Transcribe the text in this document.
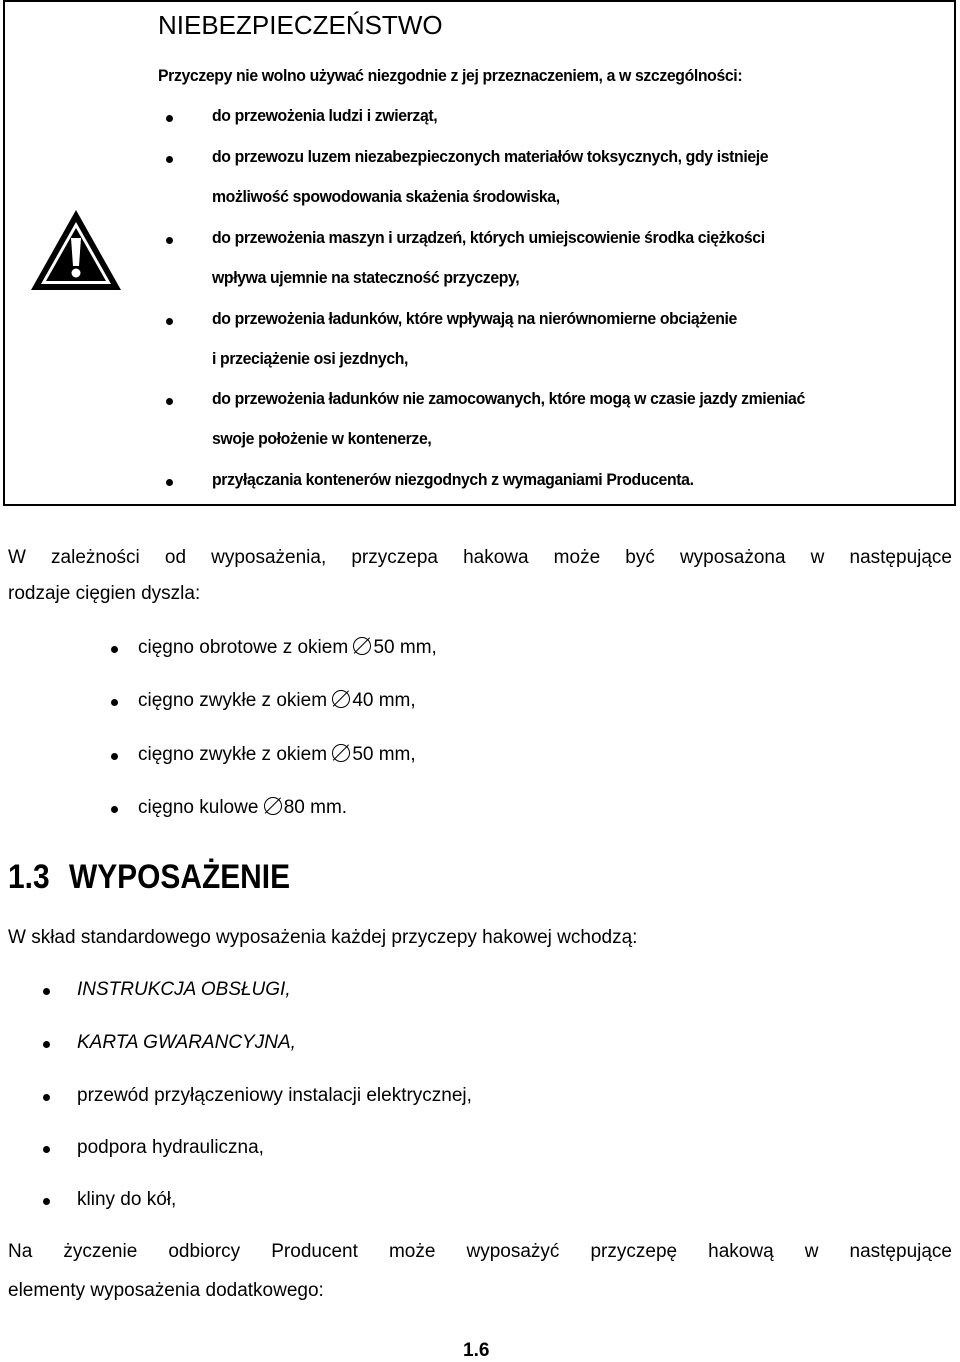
NIEBEZPIECZEŃSTWO
Przyczepy nie wolno używać niezgodnie z jej przeznaczeniem, a w szczególności:
do przewożenia ludzi i zwierząt,
do przewozu luzem niezabezpieczonych materiałów toksycznych, gdy istnieje
możliwość spowodowania skażenia środowiska,
do przewożenia maszyn i urządzeń, których umiejscowienie środka ciężkości
wpływa ujemnie na stateczność przyczepy,
do przewożenia ładunków, które wpływają na nierównomierne obciążenie
i przeciążenie osi jezdnych,
do przewożenia ładunków nie zamocowanych, które mogą w czasie jazdy zmieniać
swoje położenie w kontenerze,
przyłączania kontenerów niezgodnych z wymaganiami Producenta.
W zależności od wyposażenia, przyczepa hakowa może być wyposażona w następujące
rodzaje cięgien dyszla:
cięgno obrotowe z okiem 50 mm,
cięgno zwykłe z okiem 40 mm,
cięgno zwykłe z okiem 50 mm,
cięgno kulowe 80 mm.
1.3 WYPOSAŻENIE
W skład standardowego wyposażenia każdej przyczepy hakowej wchodzą:
INSTRUKCJA OBSŁUGI,
KARTA GWARANCYJNA,
przewód przyłączeniowy instalacji elektrycznej,
podpora hydrauliczna,
kliny do kół,
Na życzenie odbiorcy Producent może wyposażyć przyczepę hakową w następujące
elementy wyposażenia dodatkowego:
1.6
